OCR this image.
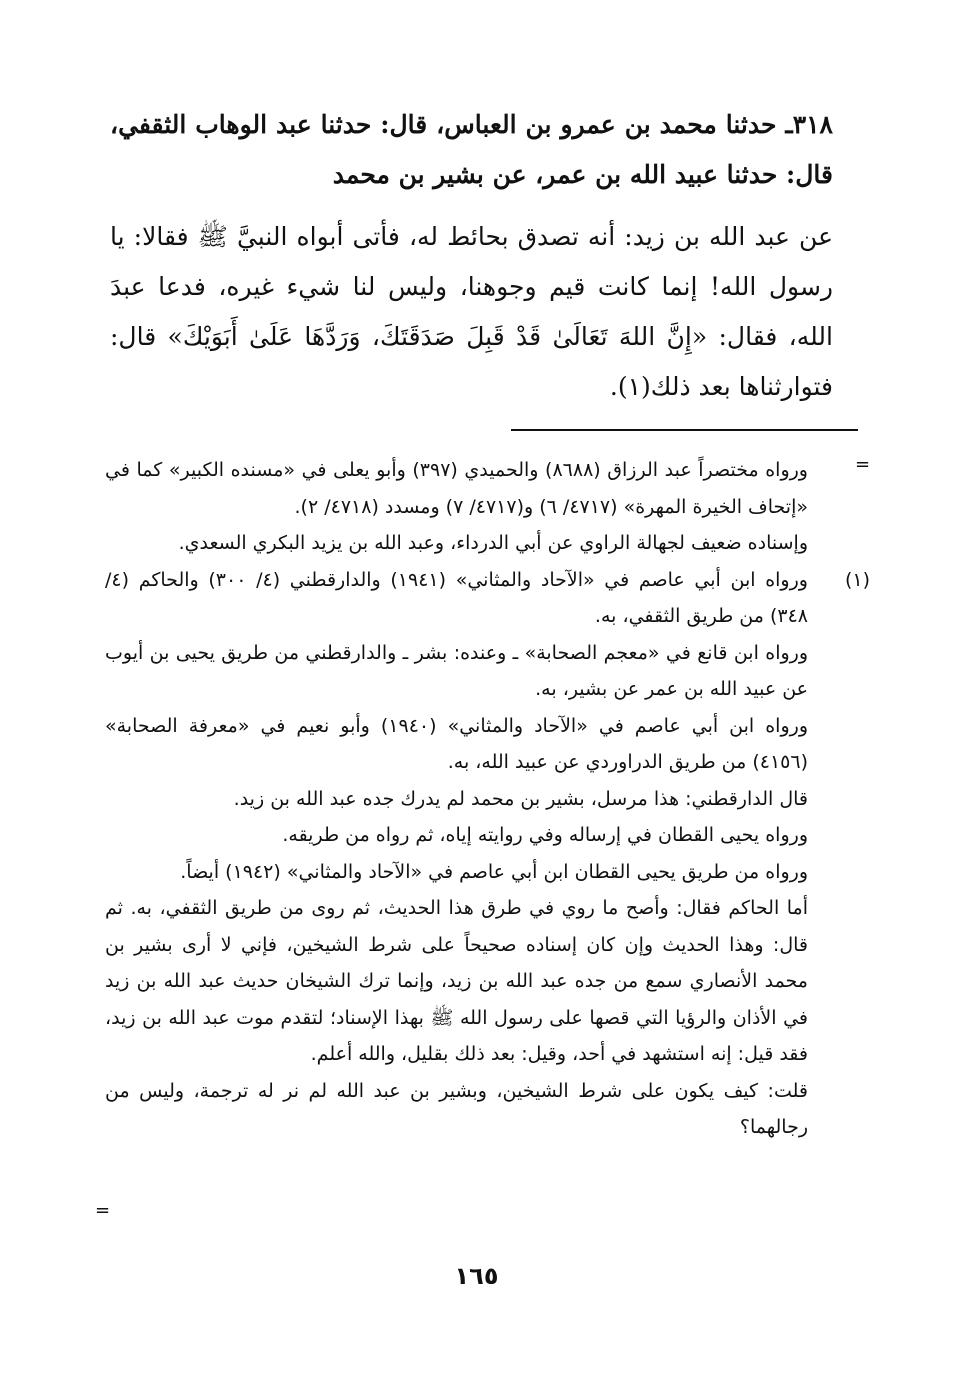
٣١٨ـ حدثنا محمد بن عمرو بن العباس، قال: حدثنا عبد الوهاب الثقفي، قال: حدثنا عبيد الله بن عمر، عن بشير بن محمد

عن عبد الله بن زيد: أنه تصدق بحائط له، فأتى أبواه النبيَّ ﷺ فقالا: يا رسول الله! إنما كانت قيم وجوهنا، وليس لنا شيء غيره، فدعا عبدَ الله، فقال: «إِنَّ اللهَ تَعَالَىٰ قَدْ قَبِلَ صَدَقَتَكَ، وَرَدَّهَا عَلَىٰ أَبَوَيْكَ» قال: فتوارثناها بعد ذلك(١).

=

ورواه مختصراً عبد الرزاق (٨٦٨٨) والحميدي (٣٩٧) وأبو يعلى في «مسنده الكبير» كما في «إتحاف الخيرة المهرة» (٤٧١٧/ ٦) و(٤٧١٧/ ٧) ومسدد (٤٧١٨/ ٢).

وإسناده ضعيف لجهالة الراوي عن أبي الدرداء، وعبد الله بن يزيد البكري السعدي.

(١)

ورواه ابن أبي عاصم في «الآحاد والمثاني» (١٩٤١) والدارقطني (٤/ ٣٠٠) والحاكم (٤/ ٣٤٨) من طريق الثقفي، به.

ورواه ابن قانع في «معجم الصحابة» ـ وعنده: بشر ـ والدارقطني من طريق يحيى بن أيوب عن عبيد الله بن عمر عن بشير، به.

ورواه ابن أبي عاصم في «الآحاد والمثاني» (١٩٤٠) وأبو نعيم في «معرفة الصحابة» (٤١٥٦) من طريق الدراوردي عن عبيد الله، به.

قال الدارقطني: هذا مرسل، بشير بن محمد لم يدرك جده عبد الله بن زيد.

ورواه يحيى القطان في إرساله وفي روايته إياه، ثم رواه من طريقه.

ورواه من طريق يحيى القطان ابن أبي عاصم في «الآحاد والمثاني» (١٩٤٢) أيضاً.

أما الحاكم فقال: وأصح ما روي في طرق هذا الحديث، ثم روى من طريق الثقفي، به. ثم قال: وهذا الحديث وإن كان إسناده صحيحاً على شرط الشيخين، فإني لا أرى بشير بن محمد الأنصاري سمع من جده عبد الله بن زيد، وإنما ترك الشيخان حديث عبد الله بن زيد في الأذان والرؤيا التي قصها على رسول الله ﷺ بهذا الإسناد؛ لتقدم موت عبد الله بن زيد، فقد قيل: إنه استشهد في أحد، وقيل: بعد ذلك بقليل، والله أعلم.

قلت: كيف يكون على شرط الشيخين، وبشير بن عبد الله لم نر له ترجمة، وليس من رجالهما؟

=
١٦٥
